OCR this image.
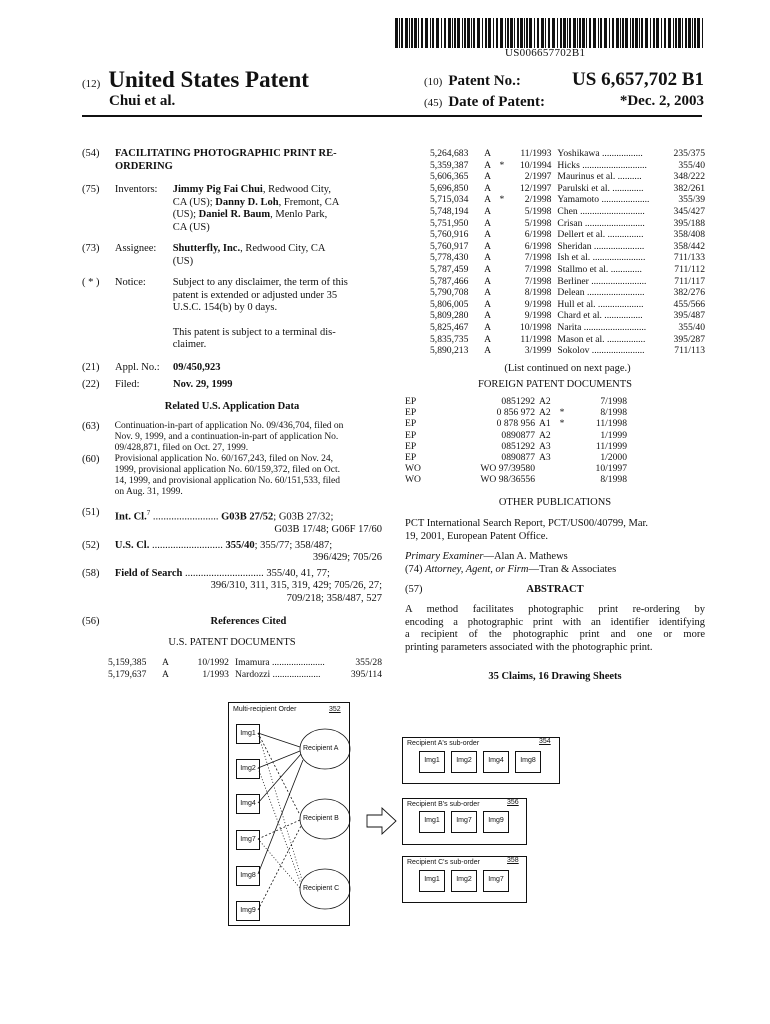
US006657702B1
(12) United States Patent
Chui et al.
(10) Patent No.:	US 6,657,702 B1
(45) Date of Patent:	*Dec. 2, 2003
(54)	FACILITATING PHOTOGRAPHIC PRINT RE-ORDERING
(75)	Inventors:	Jimmy Pig Fai Chui, Redwood City,
CA (US); Danny D. Loh, Fremont, CA
(US); Daniel R. Baum, Menlo Park,
CA (US)
(73)	Assignee:	Shutterfly, Inc., Redwood City, CA
(US)
( * )	Notice:	Subject to any disclaimer, the term of this
patent is extended or adjusted under 35
U.S.C. 154(b) by 0 days.
This patent is subject to a terminal dis-
claimer.
(21)	Appl. No.:	09/450,923
(22)	Filed:	Nov. 29, 1999
Related U.S. Application Data
(63)	Continuation-in-part of application No. 09/436,704, filed on
Nov. 9, 1999, and a continuation-in-part of application No.
09/428,871, filed on Oct. 27, 1999.
(60)	Provisional application No. 60/167,243, filed on Nov. 24,
1999, provisional application No. 60/159,372, filed on Oct.
14, 1999, and provisional application No. 60/151,533, filed
on Aug. 31, 1999.
(51)	Int. Cl.$^7$ ......................... G03B 27/52; G03B 27/32;
G03B 17/48; G06F 17/60
(52)	U.S. Cl. ........................... 355/40; 355/77; 358/487;
396/429; 705/26
(58)	Field of Search .............................. 355/40, 41, 77;
396/310, 311, 315, 319, 429; 705/26, 27;
709/218; 358/487, 527
(56)	References Cited
U.S. PATENT DOCUMENTS
5,159,385	A	10/1992 Imamura ......................	355/28
5,179,637	A	1/1993 Nardozzi ....................	395/114
5,264,683	A	11/1993 Yoshikawa .................	235/375
5,359,387	A *	10/1994 Hicks ...........................	355/40
5,606,365	A	2/1997 Maurinus et al. ..........	348/222
5,696,850	A	12/1997 Parulski et al. .............	382/261
5,715,034	A *	2/1998 Yamamoto ....................	355/39
5,748,194	A	5/1998 Chen ...........................	345/427
5,751,950	A	5/1998 Crisan .........................	395/188
5,760,916	A	6/1998 Dellert et al. ...............	358/408
5,760,917	A	6/1998 Sheridan .....................	358/442
5,778,430	A	7/1998 Ish et al. ......................	711/133
5,787,459	A	7/1998 Stallmo et al. .............	711/112
5,787,466	A	7/1998 Berliner .......................	711/117
5,790,708	A	8/1998 Delean ........................	382/276
5,806,005	A	9/1998 Hull et al. ...................	455/566
5,809,280	A	9/1998 Chard et al. ................	395/487
5,825,467	A	10/1998 Narita ..........................	355/40
5,835,735	A	11/1998 Mason et al. ................	395/287
5,890,213	A	3/1999 Sokolov ......................	711/113
(List continued on next page.)
FOREIGN PATENT DOCUMENTS
EP	0851292 A2	7/1998
EP	0 856 972 A2 *	8/1998
EP	0 878 956 A1 *	11/1998
EP	0890877 A2	1/1999
EP	0851292 A3	11/1999
EP	0890877 A3	1/2000
WO	WO 97/39580	10/1997
WO	WO 98/36556	8/1998
OTHER PUBLICATIONS
PCT International Search Report, PCT/US00/40799, Mar.
19, 2001, European Patent Office.
Primary Examiner—Alan A. Mathews
(74) Attorney, Agent, or Firm—Tran & Associates
(57)	ABSTRACT
A method facilitates photographic print re-ordering by
encoding a photographic print with an identifier identifying
a recipient of the photographic print and one or more
printing parameters associated with the photographic print.
35 Claims, 16 Drawing Sheets
Multi-recipient Order	352
Img1
Img2
Img4
Img7
Img8
Img9
Recipient A
Recipient B
Recipient C
Recipient A's sub-order	354
Img1	Img2	Img4	Img8
Recipient B's sub-order	356
Img1	Img7	Img9
Recipient C's sub-order	358
Img1	Img2	Img7
